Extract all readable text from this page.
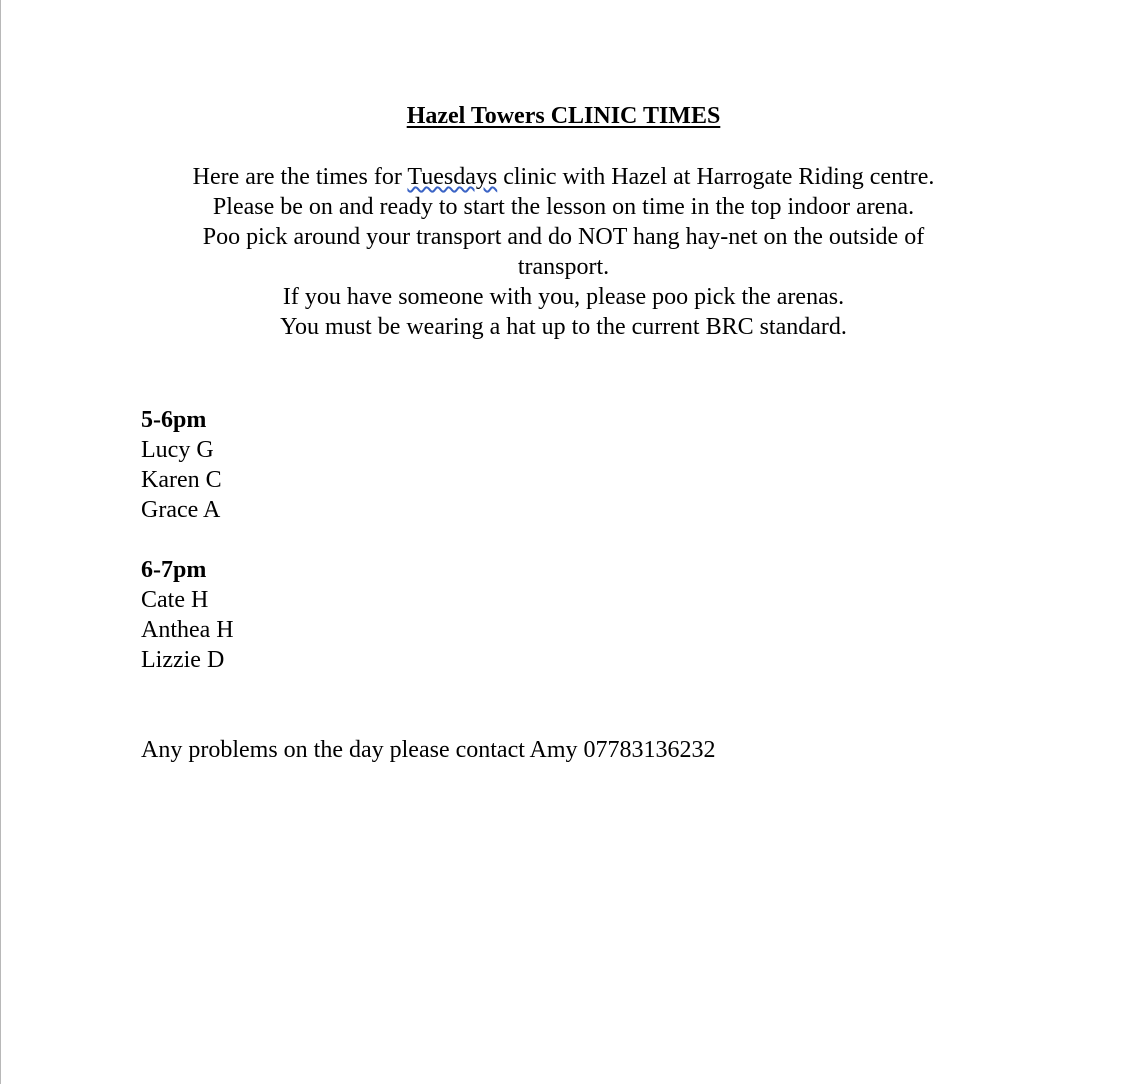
Hazel Towers CLINIC TIMES
Here are the times for Tuesdays clinic with Hazel at Harrogate Riding centre.
Please be on and ready to start the lesson on time in the top indoor arena.
Poo pick around your transport and do NOT hang hay-net on the outside of
transport.
If you have someone with you, please poo pick the arenas.
You must be wearing a hat up to the current BRC standard.
5-6pm
Lucy G
Karen C
Grace A
6-7pm
Cate H
Anthea H
Lizzie D
Any problems on the day please contact Amy 07783136232
